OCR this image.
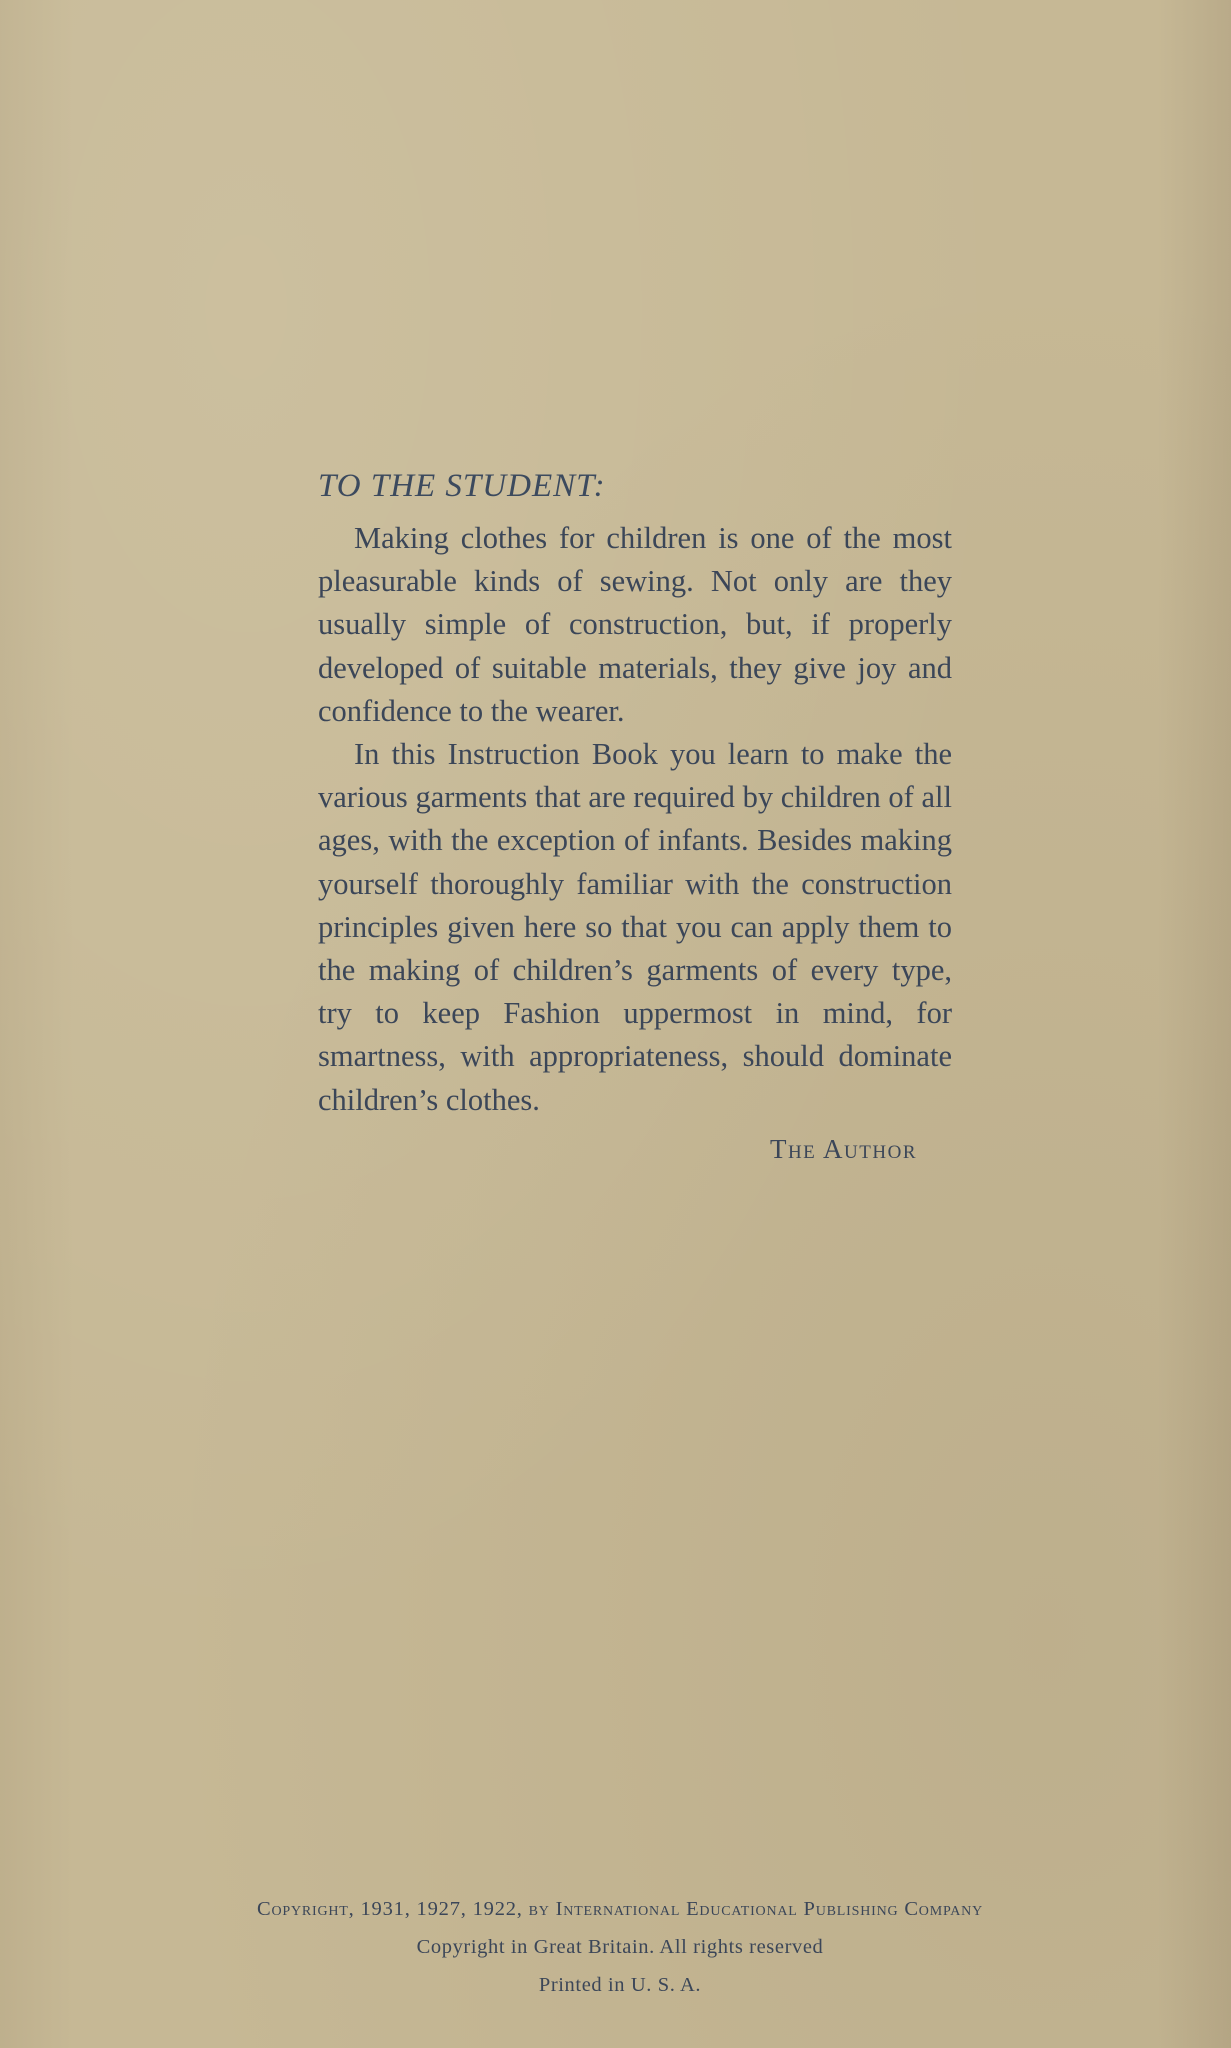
TO THE STUDENT:

Making clothes for children is one of the most pleasurable kinds of sewing. Not only are they usually simple of construction, but, if properly developed of suitable materials, they give joy and confidence to the wearer.

In this Instruction Book you learn to make the various garments that are required by children of all ages, with the exception of infants. Besides making yourself thoroughly familiar with the construction principles given here so that you can apply them to the making of children’s garments of every type, try to keep Fashion uppermost in mind, for smartness, with appropriateness, should dominate children’s clothes.

The Author
Copyright, 1931, 1927, 1922, by International Educational Publishing Company
Copyright in Great Britain. All rights reserved
Printed in U. S. A.
